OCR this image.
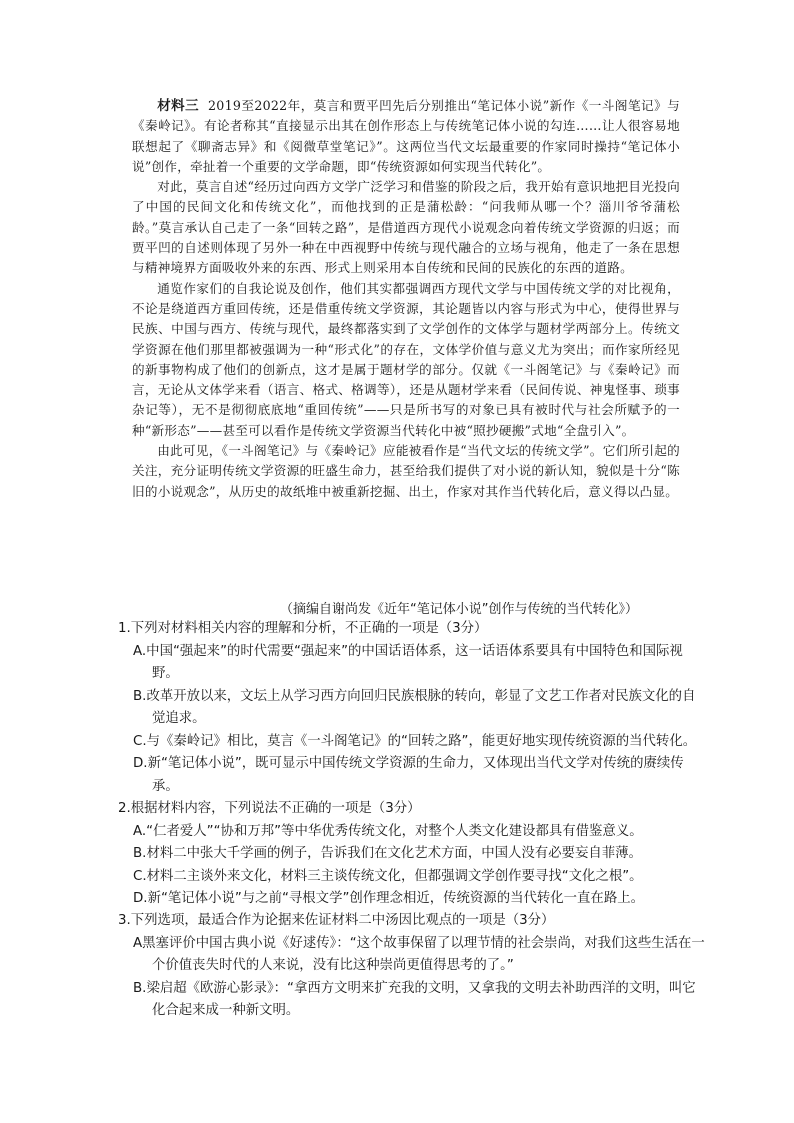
材料三 2019至2022年，莫言和贾平凹先后分别推出“笔记体小说”新作《一斗阁笔记》与《秦岭记》。有论者称其“直接显示出其在创作形态上与传统笔记体小说的勾连……让人很容易地联想起了《聊斋志异》和《阅微草堂笔记》”。这两位当代文坛最重要的作家同时操持“笔记体小说”创作，牵扯着一个重要的文学命题，即“传统资源如何实现当代转化”。

对此，莫言自述“经历过向西方文学广泛学习和借鉴的阶段之后，我开始有意识地把目光投向了中国的民间文化和传统文化”，而他找到的正是蒲松龄：“问我师从哪一个？淄川爷爷蒲松龄。”莫言承认自己走了一条“回转之路”，是借道西方现代小说观念向着传统文学资源的归返；而贾平凹的自述则体现了另外一种在中西视野中传统与现代融合的立场与视角，他走了一条在思想与精神境界方面吸收外来的东西、形式上则采用本自传统和民间的民族化的东西的道路。

通览作家们的自我论说及创作，他们其实都强调西方现代文学与中国传统文学的对比视角，不论是绕道西方重回传统，还是借重传统文学资源，其论题皆以内容与形式为中心，使得世界与民族、中国与西方、传统与现代，最终都落实到了文学创作的文体学与题材学两部分上。传统文学资源在他们那里都被强调为一种“形式化”的存在，文体学价值与意义尤为突出；而作家所经见的新事物构成了他们的创新点，这才是属于题材学的部分。仅就《一斗阁笔记》与《秦岭记》而言，无论从文体学来看（语言、格式、格调等），还是从题材学来看（民间传说、神鬼怪事、琐事杂记等），无不是彻彻底底地“重回传统”——只是所书写的对象已具有被时代与社会所赋予的一种“新形态”——甚至可以看作是传统文学资源当代转化中被“照抄硬搬”式地“全盘引入”。

由此可见，《一斗阁笔记》与《秦岭记》应能被看作是“当代文坛的传统文学”。它们所引起的关注，充分证明传统文学资源的旺盛生命力，甚至给我们提供了对小说的新认知，貌似是十分“陈旧的小说观念”，从历史的故纸堆中被重新挖掘、出土，作家对其作当代转化后，意义得以凸显。

（摘编自谢尚发《近年“笔记体小说”创作与传统的当代转化》）

1.下列对材料相关内容的理解和分析，不正确的一项是（3分）

A.中国“强起来”的时代需要“强起来”的中国话语体系，这一话语体系要具有中国特色和国际视野。

B.改革开放以来，文坛上从学习西方向回归民族根脉的转向，彰显了文艺工作者对民族文化的自觉追求。

C.与《秦岭记》相比，莫言《一斗阁笔记》的“回转之路”，能更好地实现传统资源的当代转化。

D.新“笔记体小说”，既可显示中国传统文学资源的生命力，又体现出当代文学对传统的赓续传承。

2.根据材料内容，下列说法不正确的一项是（3分）

A.“仁者爱人”“协和万邦”等中华优秀传统文化，对整个人类文化建设都具有借鉴意义。

B.材料二中张大千学画的例子，告诉我们在文化艺术方面，中国人没有必要妄自菲薄。

C.材料二主谈外来文化，材料三主谈传统文化，但都强调文学创作要寻找“文化之根”。

D.新“笔记体小说”与之前“寻根文学”创作理念相近，传统资源的当代转化一直在路上。

3.下列选项，最适合作为论据来佐证材料二中汤因比观点的一项是（3分）

A黑塞评价中国古典小说《好逑传》：“这个故事保留了以理节情的社会崇尚，对我们这些生活在一个价值丧失时代的人来说，没有比这种崇尚更值得思考的了。”

B.梁启超《欧游心影录》：“拿西方文明来扩充我的文明，又拿我的文明去补助西洋的文明，叫它化合起来成一种新文明。
